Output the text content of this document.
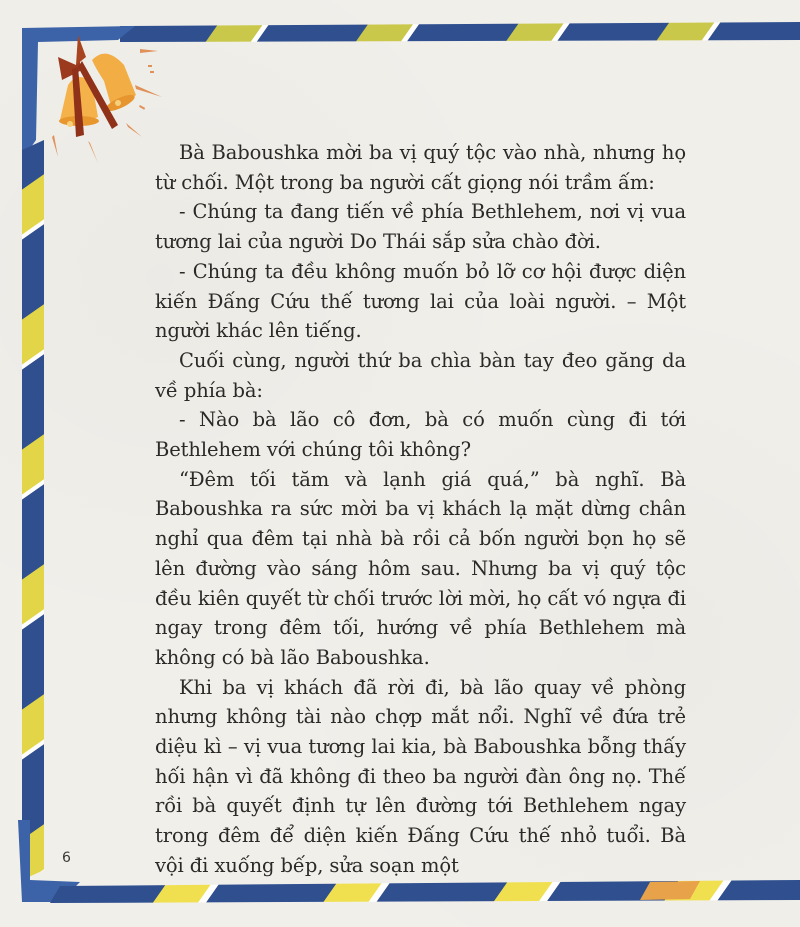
Bà Baboushka mời ba vị quý tộc vào nhà, nhưng họ từ chối. Một trong ba người cất giọng nói trầm ấm:

- Chúng ta đang tiến về phía Bethlehem, nơi vị vua tương lai của người Do Thái sắp sửa chào đời.

- Chúng ta đều không muốn bỏ lỡ cơ hội được diện kiến Đấng Cứu thế tương lai của loài người. – Một người khác lên tiếng.

Cuối cùng, người thứ ba chìa bàn tay đeo găng da về phía bà:

- Nào bà lão cô đơn, bà có muốn cùng đi tới Bethlehem với chúng tôi không?

“Đêm tối tăm và lạnh giá quá,” bà nghĩ. Bà Baboushka ra sức mời ba vị khách lạ mặt dừng chân nghỉ qua đêm tại nhà bà rồi cả bốn người bọn họ sẽ lên đường vào sáng hôm sau. Nhưng ba vị quý tộc đều kiên quyết từ chối trước lời mời, họ cất vó ngựa đi ngay trong đêm tối, hướng về phía Bethlehem mà không có bà lão Baboushka.

Khi ba vị khách đã rời đi, bà lão quay về phòng nhưng không tài nào chợp mắt nổi. Nghĩ về đứa trẻ diệu kì – vị vua tương lai kia, bà Baboushka bỗng thấy hối hận vì đã không đi theo ba người đàn ông nọ. Thế rồi bà quyết định tự lên đường tới Bethlehem ngay trong đêm để diện kiến Đấng Cứu thế nhỏ tuổi. Bà vội đi xuống bếp, sửa soạn một

6
